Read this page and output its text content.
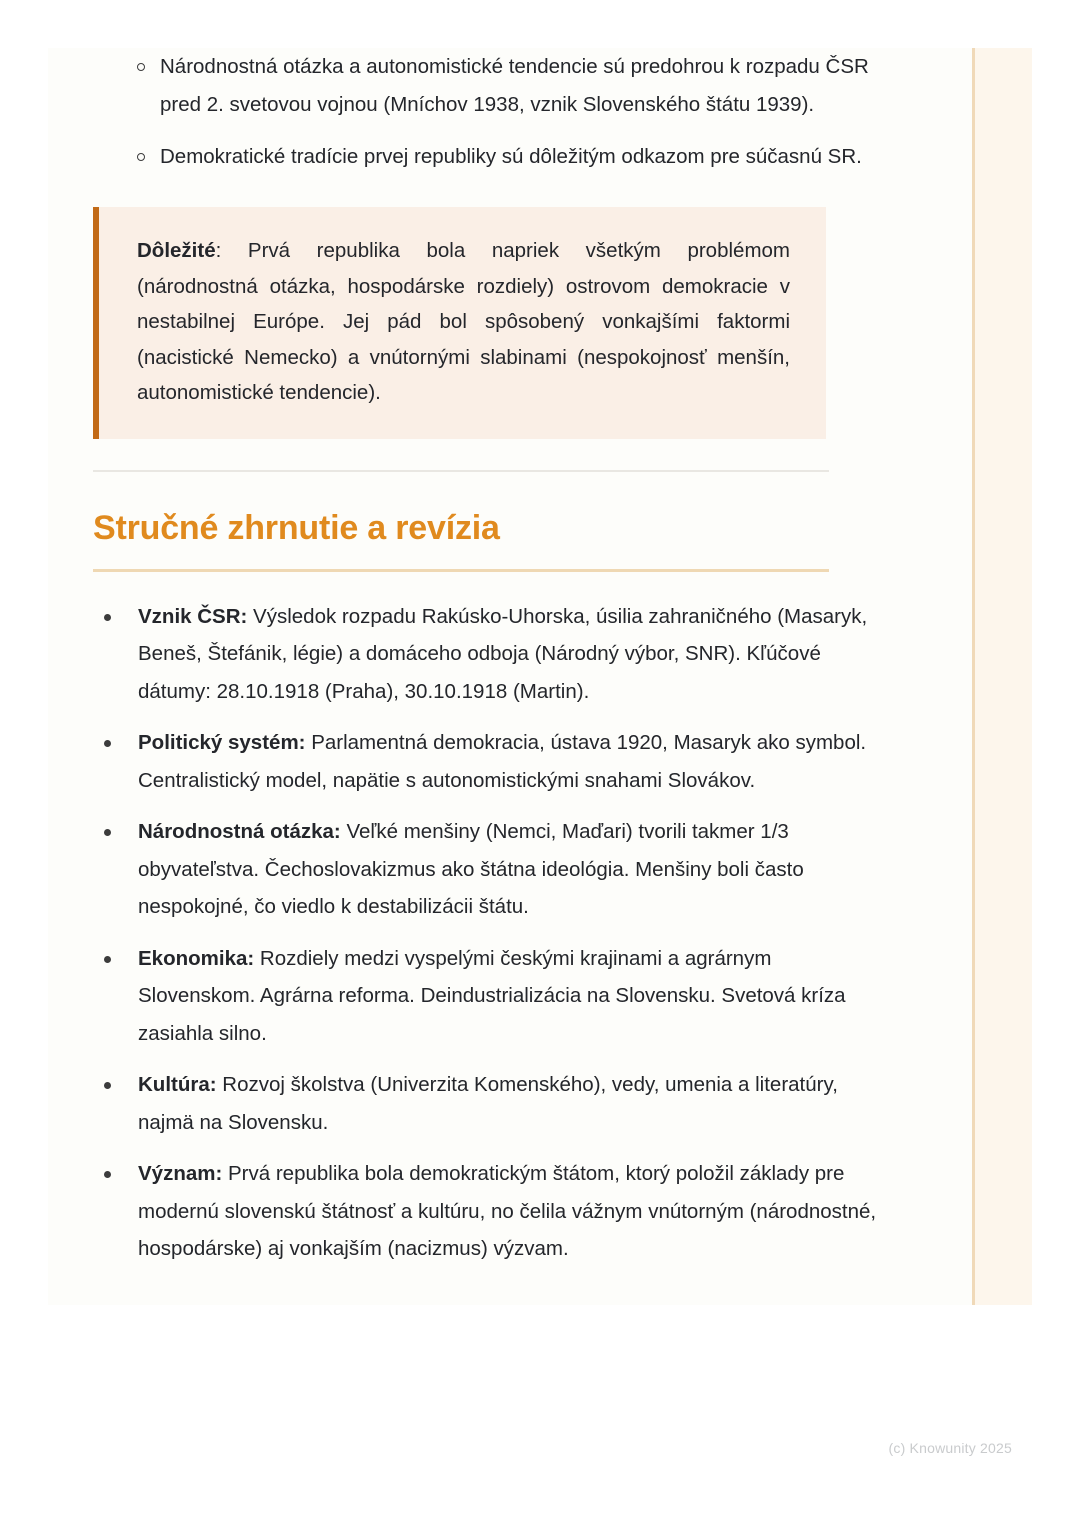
Národnostná otázka a autonomistické tendencie sú predohrou k rozpadu ČSR pred 2. svetovou vojnou (Mníchov 1938, vznik Slovenského štátu 1939).
Demokratické tradície prvej republiky sú dôležitým odkazom pre súčasnú SR.

Dôležité: Prvá republika bola napriek všetkým problémom (národnostná otázka, hospodárske rozdiely) ostrovom demokracie v nestabilnej Európe. Jej pád bol spôsobený vonkajšími faktormi (nacistické Nemecko) a vnútornými slabinami (nespokojnosť menšín, autonomistické tendencie).

Stručné zhrnutie a revízia
Vznik ČSR: Výsledok rozpadu Rakúsko-Uhorska, úsilia zahraničného (Masaryk, Beneš, Štefánik, légie) a domáceho odboja (Národný výbor, SNR). Kľúčové dátumy: 28.10.1918 (Praha), 30.10.1918 (Martin).
Politický systém: Parlamentná demokracia, ústava 1920, Masaryk ako symbol. Centralistický model, napätie s autonomistickými snahami Slovákov.
Národnostná otázka: Veľké menšiny (Nemci, Maďari) tvorili takmer 1/3 obyvateľstva. Čechoslovakizmus ako štátna ideológia. Menšiny boli často nespokojné, čo viedlo k destabilizácii štátu.
Ekonomika: Rozdiely medzi vyspelými českými krajinami a agrárnym Slovenskom. Agrárna reforma. Deindustrializácia na Slovensku. Svetová kríza zasiahla silno.
Kultúra: Rozvoj školstva (Univerzita Komenského), vedy, umenia a literatúry, najmä na Slovensku.
Význam: Prvá republika bola demokratickým štátom, ktorý položil základy pre modernú slovenskú štátnosť a kultúru, no čelila vážnym vnútorným (národnostné, hospodárske) aj vonkajším (nacizmus) výzvam.
(c) Knowunity 2025
